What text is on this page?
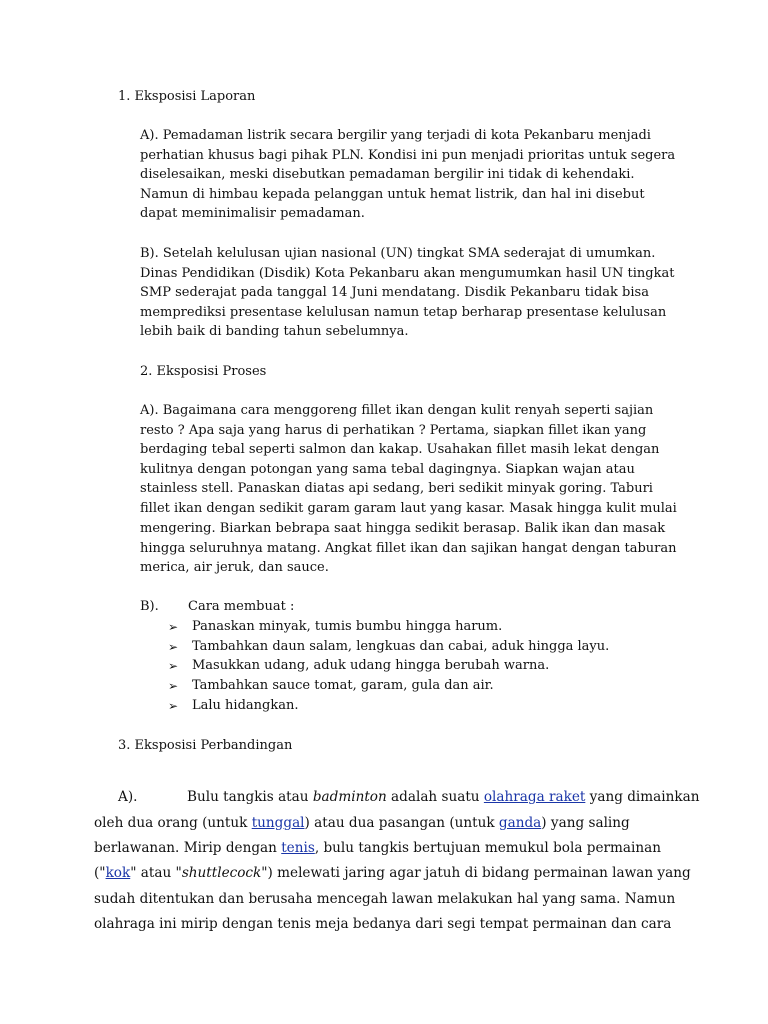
1. Eksposisi Laporan
A). Pemadaman listrik secara bergilir yang terjadi di kota Pekanbaru menjadi
perhatian khusus bagi pihak PLN. Kondisi ini pun menjadi prioritas untuk segera
diselesaikan, meski disebutkan pemadaman bergilir ini tidak di kehendaki.
Namun di himbau kepada pelanggan untuk hemat listrik, dan hal ini disebut
dapat meminimalisir pemadaman.
B). Setelah kelulusan ujian nasional (UN) tingkat SMA sederajat di umumkan.
Dinas Pendidikan (Disdik) Kota Pekanbaru akan mengumumkan hasil UN tingkat
SMP sederajat pada tanggal 14 Juni mendatang. Disdik Pekanbaru tidak bisa
memprediksi presentase kelulusan namun tetap berharap presentase kelulusan
lebih baik di banding tahun sebelumnya.
2. Eksposisi Proses
A). Bagaimana cara menggoreng fillet ikan dengan kulit renyah seperti sajian
resto ? Apa saja yang harus di perhatikan ? Pertama, siapkan fillet ikan yang
berdaging tebal seperti salmon dan kakap. Usahakan fillet masih lekat dengan
kulitnya dengan potongan yang sama tebal dagingnya. Siapkan wajan atau
stainless stell. Panaskan diatas api sedang, beri sedikit minyak goring. Taburi
fillet ikan dengan sedikit garam garam laut yang kasar. Masak hingga kulit mulai
mengering. Biarkan bebrapa saat hingga sedikit berasap. Balik ikan dan masak
hingga seluruhnya matang. Angkat fillet ikan dan sajikan hangat dengan taburan
merica, air jeruk, dan sauce.
B). Cara membuat :
➢ Panaskan minyak, tumis bumbu hingga harum.
➢ Tambahkan daun salam, lengkuas dan cabai, aduk hingga layu.
➢ Masukkan udang, aduk udang hingga berubah warna.
➢ Tambahkan sauce tomat, garam, gula dan air.
➢ Lalu hidangkan.
3. Eksposisi Perbandingan
A).	Bulu tangkis atau badminton adalah suatu olahraga raket yang dimainkan
oleh dua orang (untuk tunggal) atau dua pasangan (untuk ganda) yang saling
berlawanan. Mirip dengan tenis, bulu tangkis bertujuan memukul bola permainan
("kok" atau "shuttlecock") melewati jaring agar jatuh di bidang permainan lawan yang
sudah ditentukan dan berusaha mencegah lawan melakukan hal yang sama. Namun
olahraga ini mirip dengan tenis meja bedanya dari segi tempat permainan dan cara
